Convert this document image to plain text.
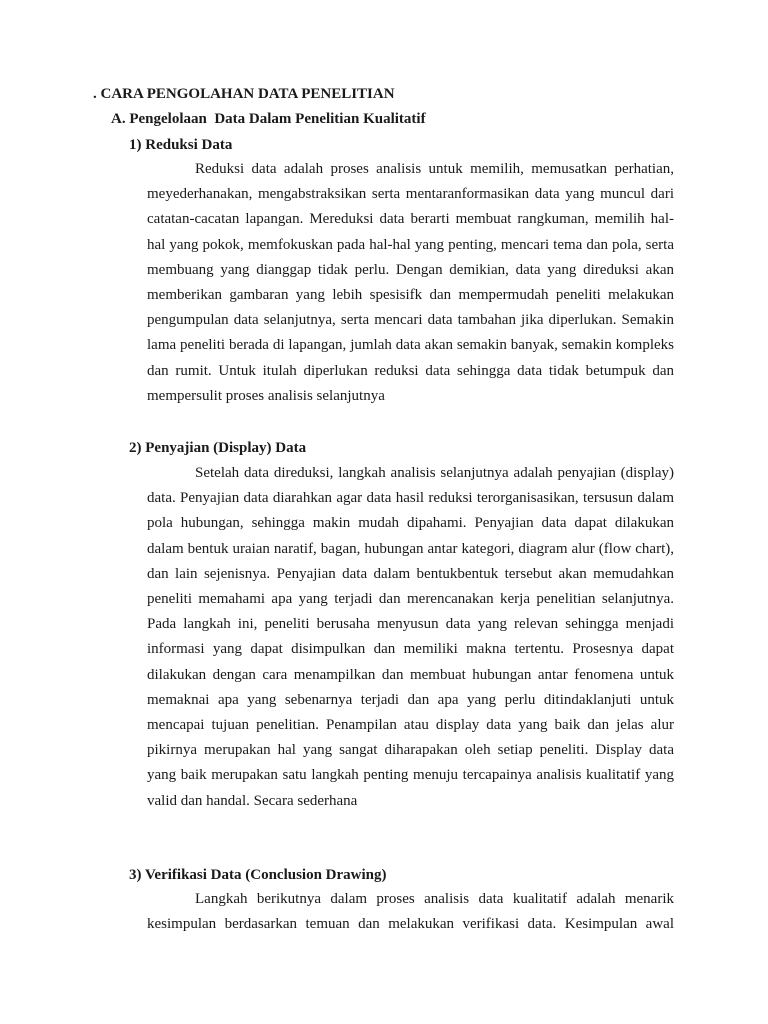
. CARA PENGOLAHAN DATA PENELITIAN
A. Pengelolaan  Data Dalam Penelitian Kualitatif
1) Reduksi Data

Reduksi data adalah proses analisis untuk memilih, memusatkan perhatian, meyederhanakan, mengabstraksikan serta mentaranformasikan data yang muncul dari catatan-cacatan lapangan. Mereduksi data berarti membuat rangkuman, memilih hal-hal yang pokok, memfokuskan pada hal-hal yang penting, mencari tema dan pola, serta membuang yang dianggap tidak perlu. Dengan demikian, data yang direduksi akan memberikan gambaran yang lebih spesisifk dan mempermudah peneliti melakukan pengumpulan data selanjutnya, serta mencari data tambahan jika diperlukan. Semakin lama peneliti berada di lapangan, jumlah data akan semakin banyak, semakin kompleks dan rumit. Untuk itulah diperlukan reduksi data sehingga data tidak betumpuk dan mempersulit proses analisis selanjutnya

2) Penyajian (Display) Data

Setelah data direduksi, langkah analisis selanjutnya adalah penyajian (display) data. Penyajian data diarahkan agar data hasil reduksi terorganisasikan, tersusun dalam pola hubungan, sehingga makin mudah dipahami. Penyajian data dapat dilakukan dalam bentuk uraian naratif, bagan, hubungan antar kategori, diagram alur (flow chart), dan lain sejenisnya. Penyajian data dalam bentukbentuk tersebut akan memudahkan peneliti memahami apa yang terjadi dan merencanakan kerja penelitian selanjutnya. Pada langkah ini, peneliti berusaha menyusun data yang relevan sehingga menjadi informasi yang dapat disimpulkan dan memiliki makna tertentu. Prosesnya dapat dilakukan dengan cara menampilkan dan membuat hubungan antar fenomena untuk memaknai apa yang sebenarnya terjadi dan apa yang perlu ditindaklanjuti untuk mencapai tujuan penelitian. Penampilan atau display data yang baik dan jelas alur pikirnya merupakan hal yang sangat diharapakan oleh setiap peneliti. Display data yang baik merupakan satu langkah penting menuju tercapainya analisis kualitatif yang valid dan handal. Secara sederhana

3) Verifikasi Data (Conclusion Drawing)

Langkah berikutnya dalam proses analisis data kualitatif adalah menarik kesimpulan berdasarkan temuan dan melakukan verifikasi data. Kesimpulan awal
